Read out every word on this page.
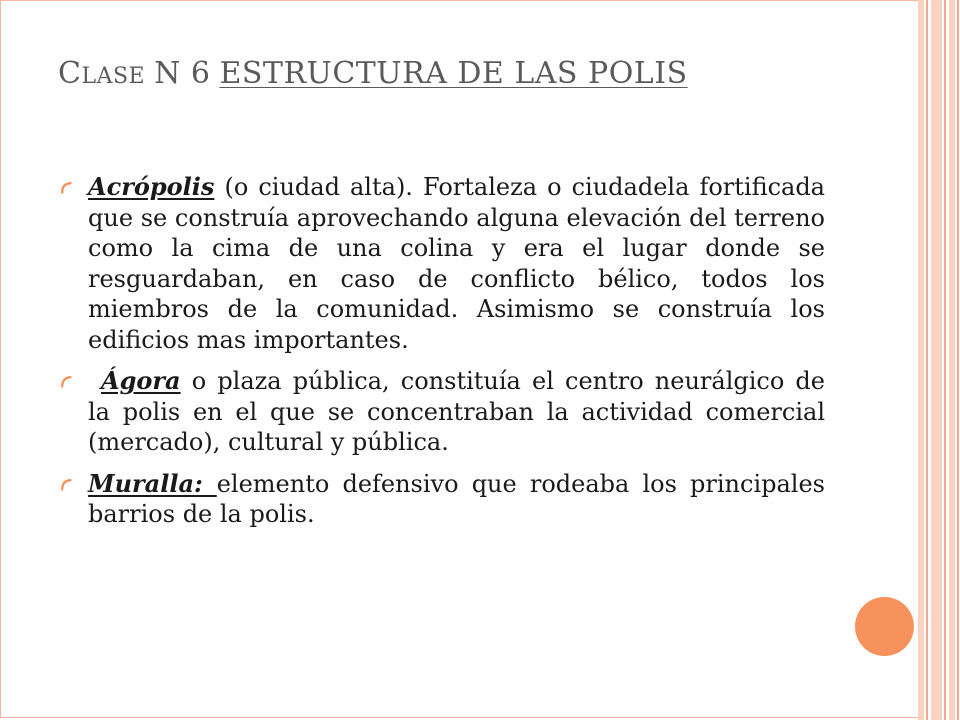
CLASE N 6 ESTRUCTURA DE LAS POLIS

Acrópolis (o ciudad alta). Fortaleza o ciudadela fortificada que se construía aprovechando alguna elevación del terreno como la cima de una colina y era el lugar donde se resguardaban, en caso de conflicto bélico, todos los miembros de la comunidad. Asimismo se construía los edificios mas importantes.

Ágora o plaza pública, constituía el centro neurálgico de la polis en el que se concentraban la actividad comercial (mercado), cultural y pública.

Muralla: elemento defensivo que rodeaba los principales barrios de la polis.
